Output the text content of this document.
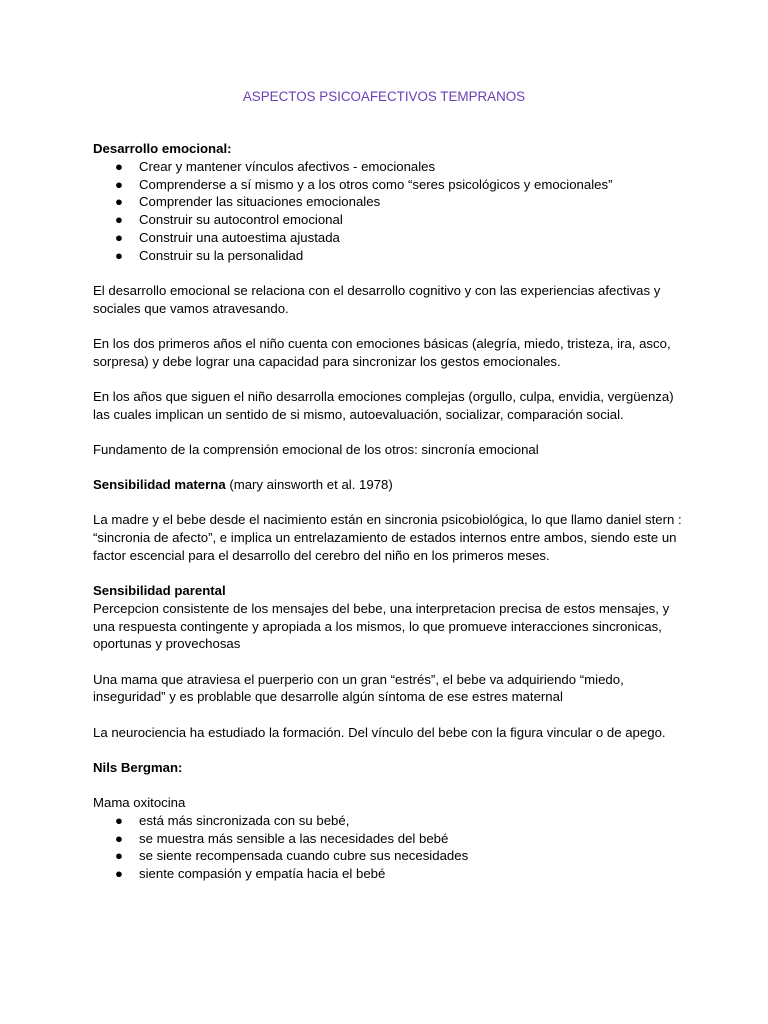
ASPECTOS PSICOAFECTIVOS TEMPRANOS

Desarrollo emocional:

● Crear y mantener vínculos afectivos - emocionales
● Comprenderse a sí mismo y a los otros como “seres psicológicos y emocionales”
● Comprender las situaciones emocionales
● Construir su autocontrol emocional
● Construir una autoestima ajustada
● Construir su la personalidad

El desarrollo emocional se relaciona con el desarrollo cognitivo y con las experiencias afectivas y sociales que vamos atravesando.

En los dos primeros años el niño cuenta con emociones básicas (alegría, miedo, tristeza, ira, asco, sorpresa) y debe lograr una capacidad para sincronizar los gestos emocionales.

En los años que siguen el niño desarrolla emociones complejas (orgullo, culpa, envidia, vergüenza) las cuales implican un sentido de si mismo, autoevaluación, socializar, comparación social.

Fundamento de la comprensión emocional de los otros: sincronía emocional

Sensibilidad materna (mary ainsworth et al. 1978)

La madre y el bebe desde el nacimiento están en sincronia psicobiológica, lo que llamo daniel stern : “sincronia de afecto”, e implica un entrelazamiento de estados internos entre ambos, siendo este un factor escencial para el desarrollo del cerebro del niño en los primeros meses.

Sensibilidad parental

Percepcion consistente de los mensajes del bebe, una interpretacion precisa de estos mensajes, y una respuesta contingente y apropiada a los mismos, lo que promueve interacciones sincronicas, oportunas y provechosas

Una mama que atraviesa el puerperio con un gran “estrés”, el bebe va adquiriendo “miedo, inseguridad” y es problable que desarrolle algún síntoma de ese estres maternal

La neurociencia ha estudiado la formación. Del vínculo del bebe con la figura vincular o de apego.

Nils Bergman:

Mama oxitocina

● está más sincronizada con su bebé,
● se muestra más sensible a las necesidades del bebé
● se siente recompensada cuando cubre sus necesidades
● siente compasión y empatía hacia el bebé
